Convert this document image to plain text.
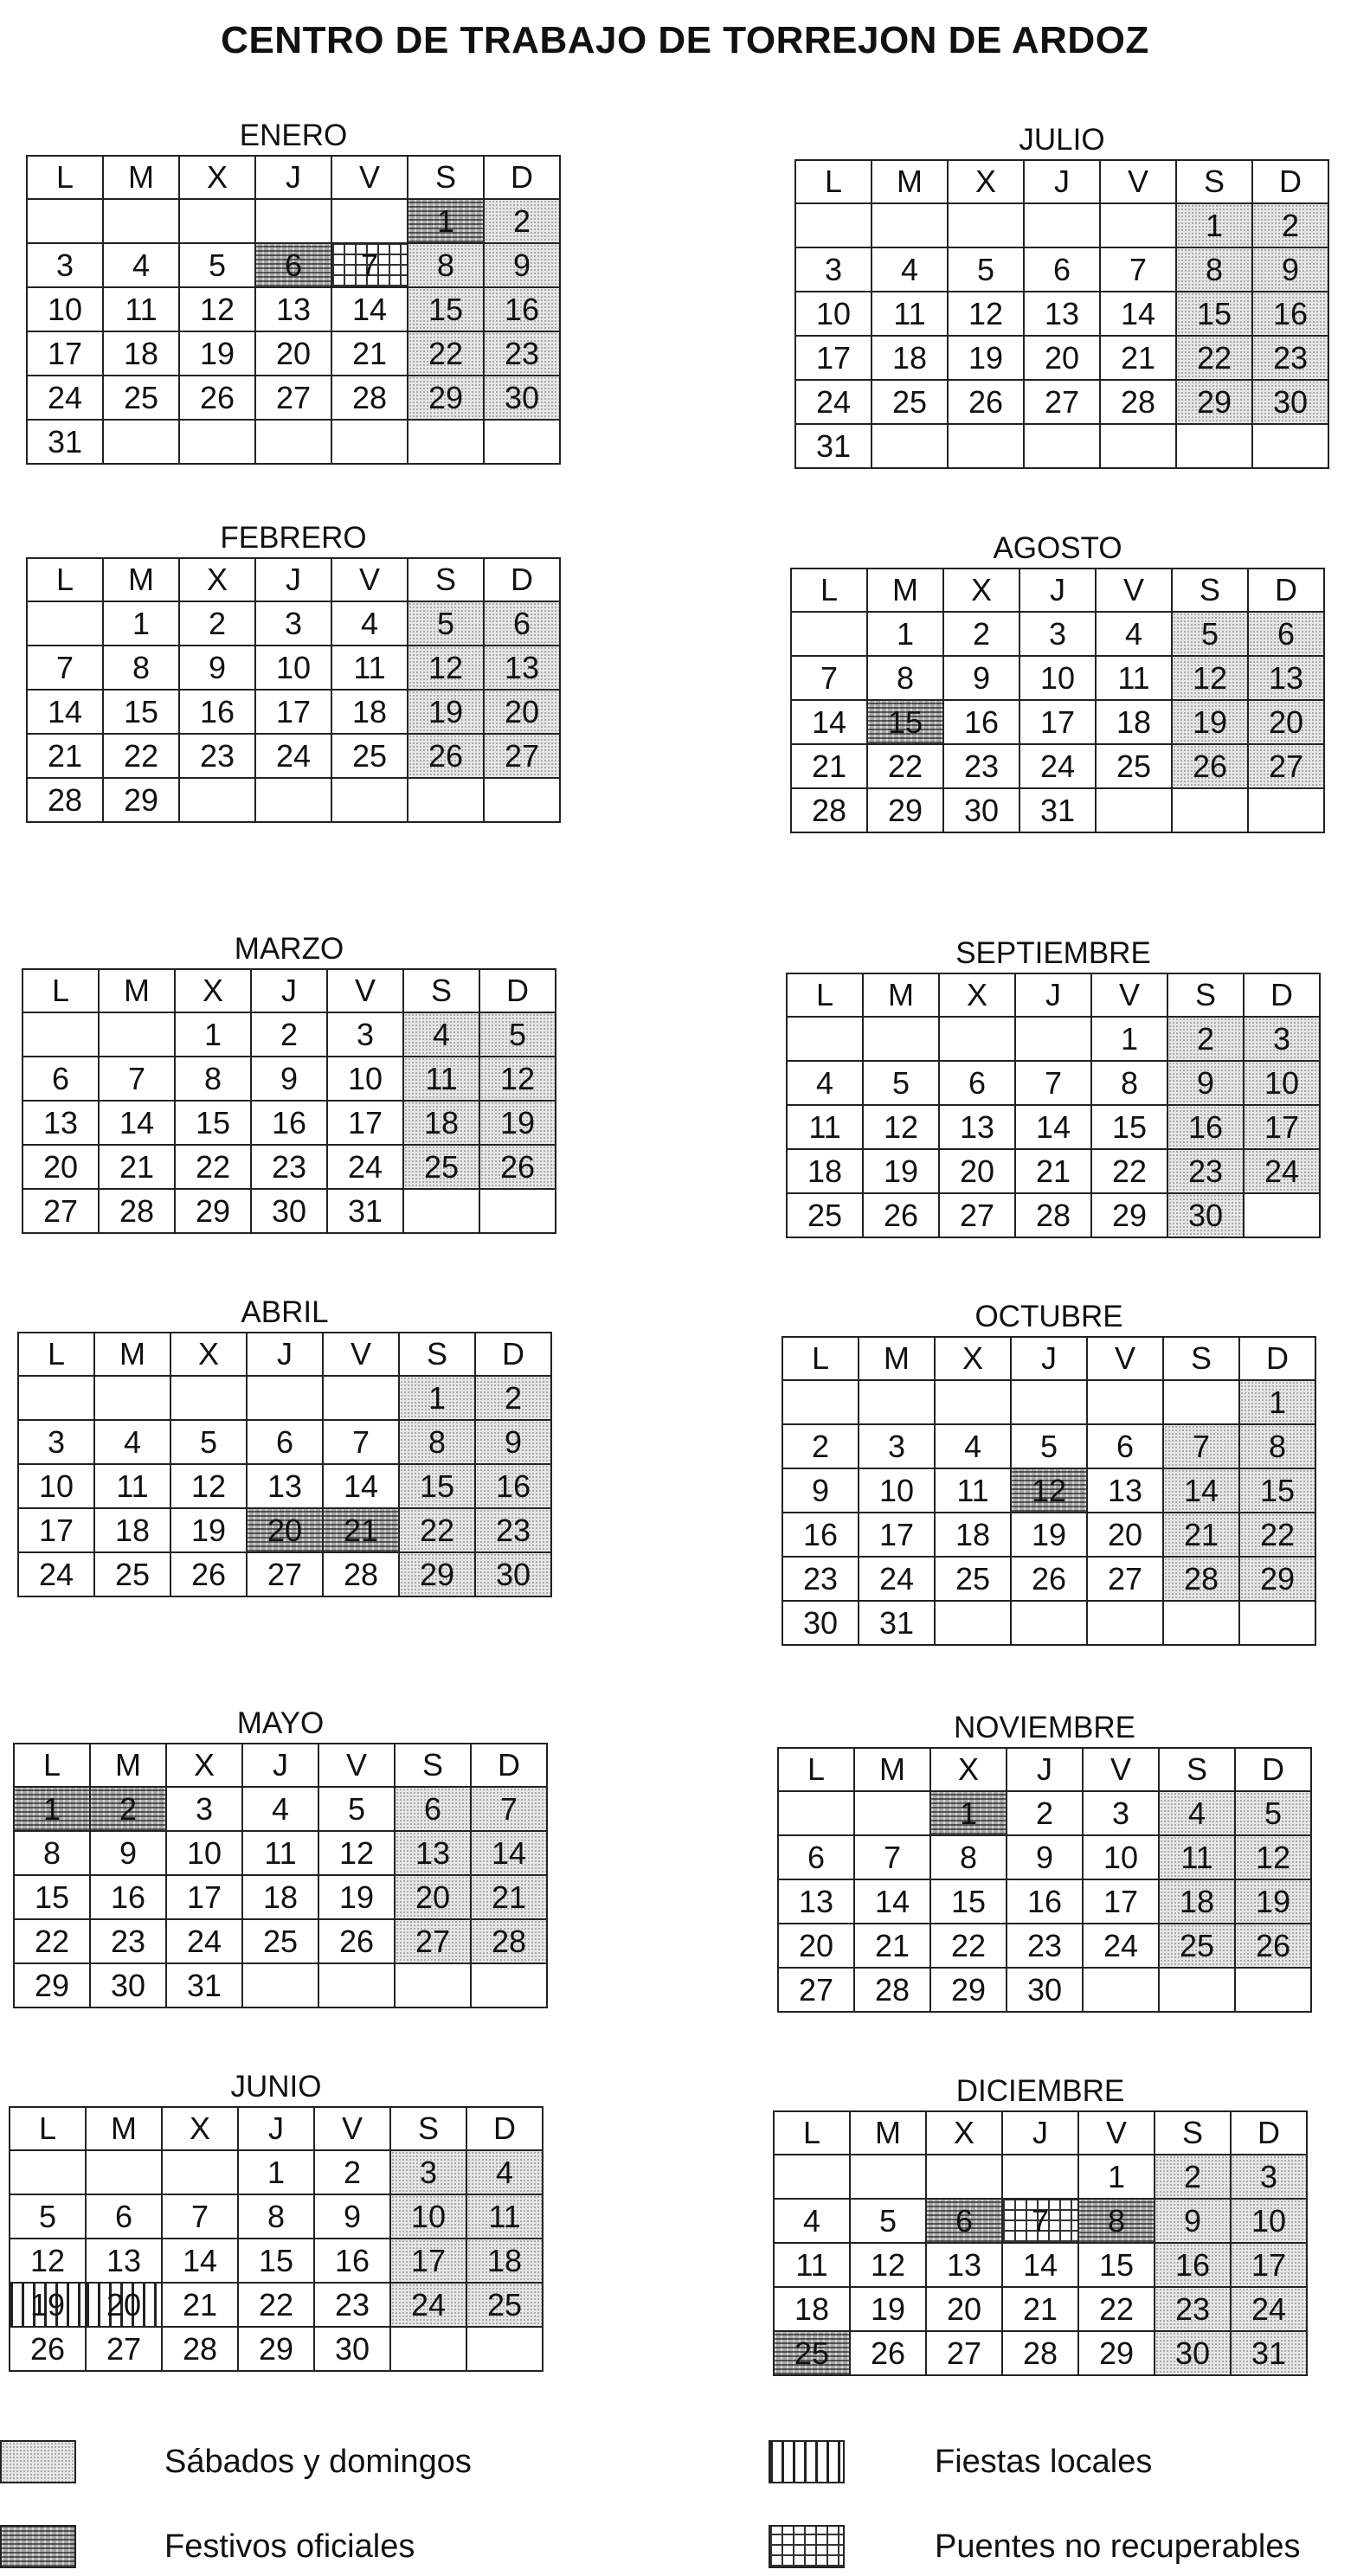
CENTRO DE TRABAJO DE TORREJON DE ARDOZ
ENERO
L	M	X	J	V	S	D
					1	2
3	4	5	6	7	8	9
10	11	12	13	14	15	16
17	18	19	20	21	22	23
24	25	26	27	28	29	30
31						
FEBRERO
L	M	X	J	V	S	D
	1	2	3	4	5	6
7	8	9	10	11	12	13
14	15	16	17	18	19	20
21	22	23	24	25	26	27
28	29					
MARZO
L	M	X	J	V	S	D
		1	2	3	4	5
6	7	8	9	10	11	12
13	14	15	16	17	18	19
20	21	22	23	24	25	26
27	28	29	30	31		
ABRIL
L	M	X	J	V	S	D
					1	2
3	4	5	6	7	8	9
10	11	12	13	14	15	16
17	18	19	20	21	22	23
24	25	26	27	28	29	30
MAYO
L	M	X	J	V	S	D
1	2	3	4	5	6	7
8	9	10	11	12	13	14
15	16	17	18	19	20	21
22	23	24	25	26	27	28
29	30	31				
JUNIO
L	M	X	J	V	S	D
			1	2	3	4
5	6	7	8	9	10	11
12	13	14	15	16	17	18
19	20	21	22	23	24	25
26	27	28	29	30		
JULIO
L	M	X	J	V	S	D
					1	2
3	4	5	6	7	8	9
10	11	12	13	14	15	16
17	18	19	20	21	22	23
24	25	26	27	28	29	30
31						
AGOSTO
L	M	X	J	V	S	D
	1	2	3	4	5	6
7	8	9	10	11	12	13
14	15	16	17	18	19	20
21	22	23	24	25	26	27
28	29	30	31			
SEPTIEMBRE
L	M	X	J	V	S	D
				1	2	3
4	5	6	7	8	9	10
11	12	13	14	15	16	17
18	19	20	21	22	23	24
25	26	27	28	29	30	
OCTUBRE
L	M	X	J	V	S	D
						1
2	3	4	5	6	7	8
9	10	11	12	13	14	15
16	17	18	19	20	21	22
23	24	25	26	27	28	29
30	31					
NOVIEMBRE
L	M	X	J	V	S	D
		1	2	3	4	5
6	7	8	9	10	11	12
13	14	15	16	17	18	19
20	21	22	23	24	25	26
27	28	29	30			
DICIEMBRE
L	M	X	J	V	S	D
				1	2	3
4	5	6	7	8	9	10
11	12	13	14	15	16	17
18	19	20	21	22	23	24
25	26	27	28	29	30	31
Sábados y domingos	Fiestas locales
Festivos oficiales	Puentes no recuperables
